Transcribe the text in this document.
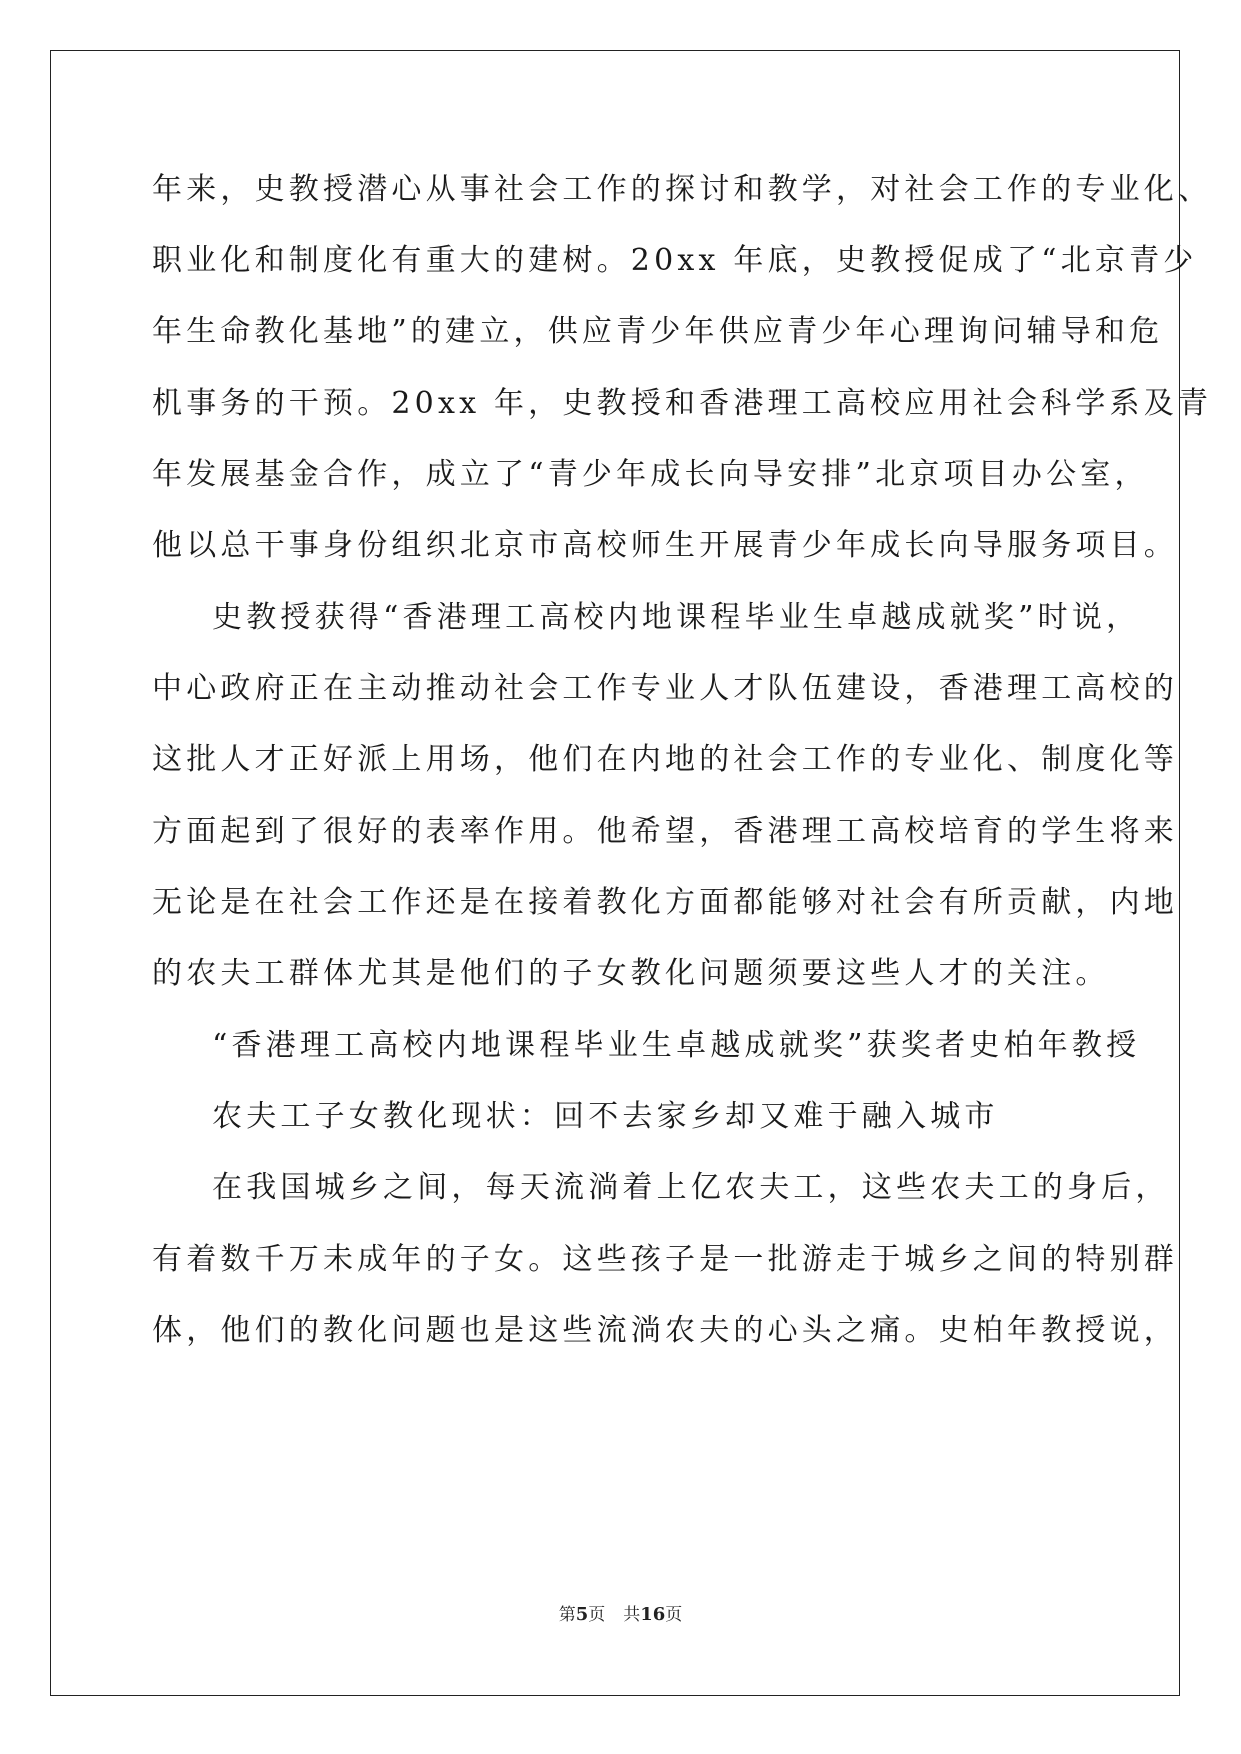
年来，史教授潜心从事社会工作的探讨和教学，对社会工作的专业化、
职业化和制度化有重大的建树。20xx 年底，史教授促成了“北京青少
年生命教化基地”的建立，供应青少年供应青少年心理询问辅导和危
机事务的干预。20xx 年，史教授和香港理工高校应用社会科学系及青
年发展基金合作，成立了“青少年成长向导安排”北京项目办公室，
他以总干事身份组织北京市高校师生开展青少年成长向导服务项目。
史教授获得“香港理工高校内地课程毕业生卓越成就奖”时说，
中心政府正在主动推动社会工作专业人才队伍建设，香港理工高校的
这批人才正好派上用场，他们在内地的社会工作的专业化、制度化等
方面起到了很好的表率作用。他希望，香港理工高校培育的学生将来
无论是在社会工作还是在接着教化方面都能够对社会有所贡献，内地
的农夫工群体尤其是他们的子女教化问题须要这些人才的关注。
“香港理工高校内地课程毕业生卓越成就奖”获奖者史柏年教授
农夫工子女教化现状：回不去家乡却又难于融入城市
在我国城乡之间，每天流淌着上亿农夫工，这些农夫工的身后，
有着数千万未成年的子女。这些孩子是一批游走于城乡之间的特别群
体，他们的教化问题也是这些流淌农夫的心头之痛。史柏年教授说，
第5页 共16页
